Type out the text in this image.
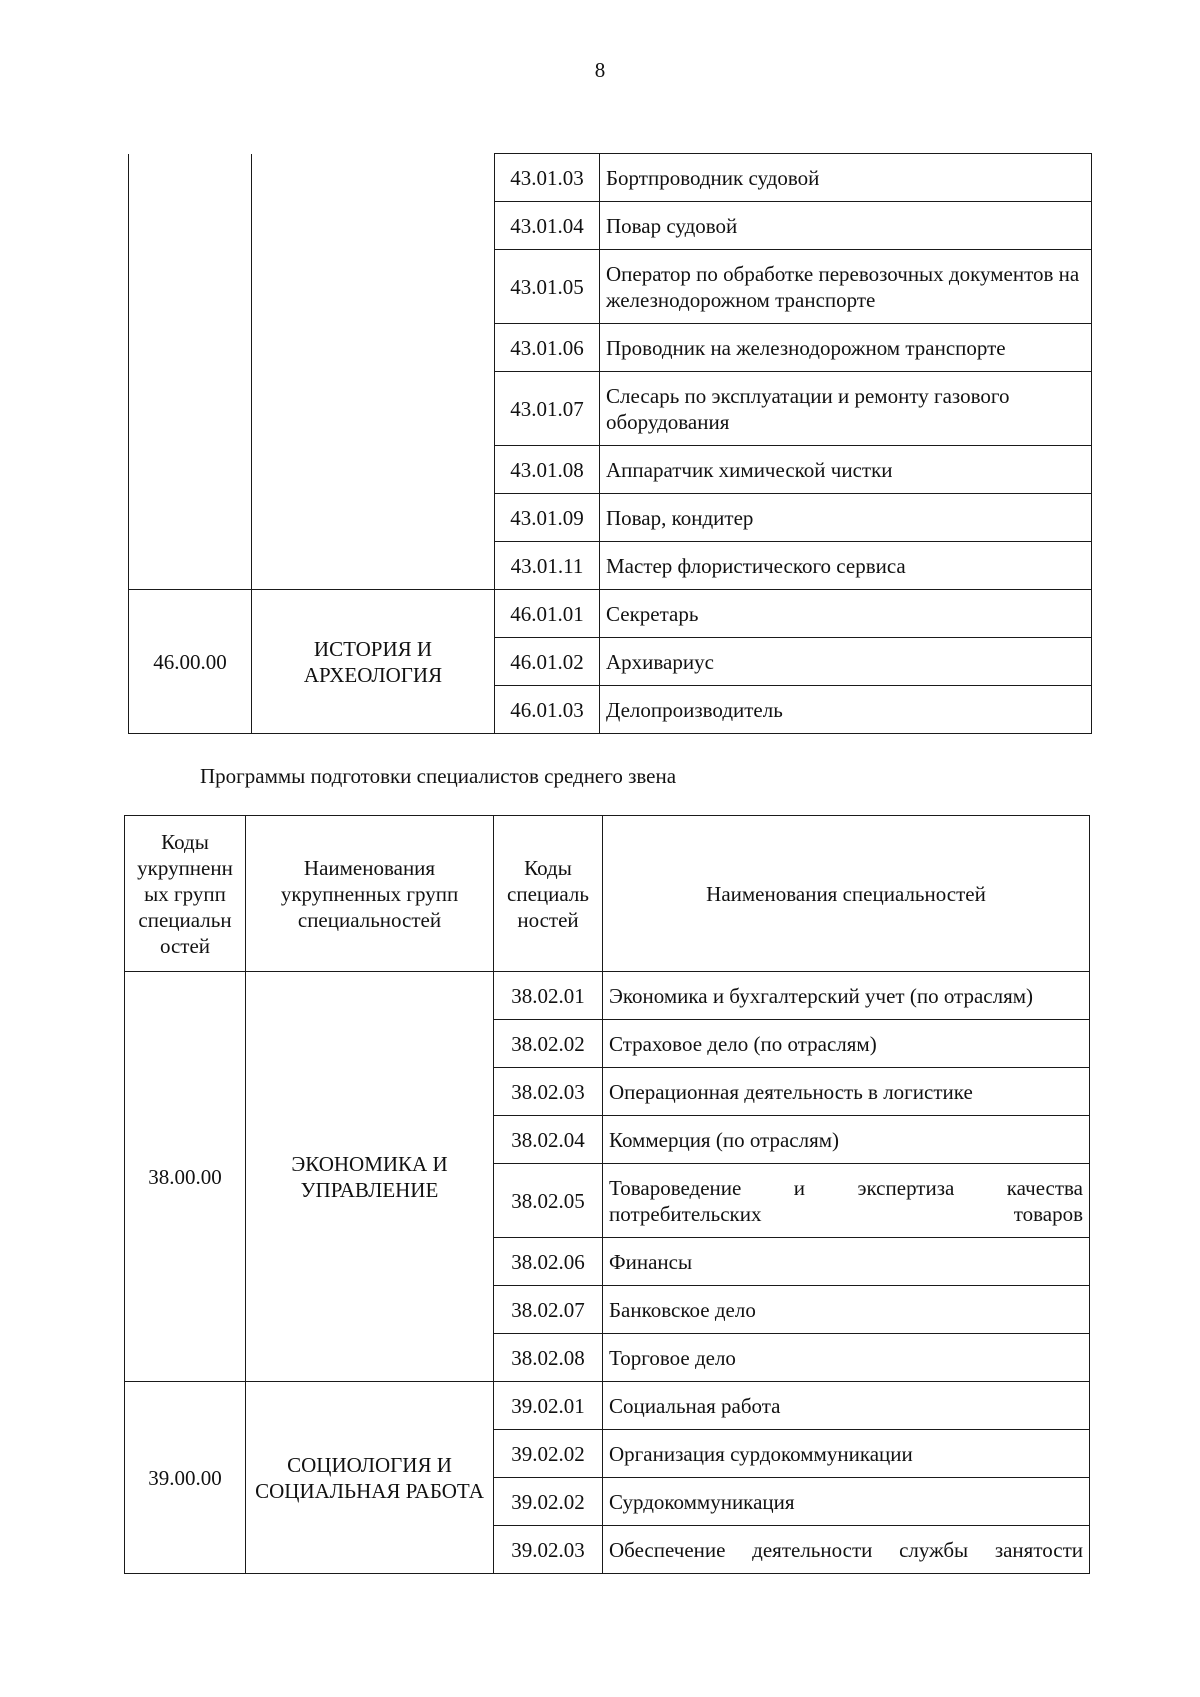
8
		43.01.03	Бортпроводник судовой
		43.01.04	Повар судовой
		43.01.05	Оператор по обработке перевозочных документов на железнодорожном транспорте
		43.01.06	Проводник на железнодорожном транспорте
		43.01.07	Слесарь по эксплуатации и ремонту газового оборудования
		43.01.08	Аппаратчик химической чистки
		43.01.09	Повар, кондитер
		43.01.11	Мастер флористического сервиса
46.00.00	ИСТОРИЯ И АРХЕОЛОГИЯ	46.01.01	Секретарь
		46.01.02	Архивариус
		46.01.03	Делопроизводитель
Программы подготовки специалистов среднего звена
Коды укрупненн ых групп специальн остей	Наименования укрупненных групп специальностей	Коды специаль ностей	Наименования специальностей
38.00.00	ЭКОНОМИКА И УПРАВЛЕНИЕ	38.02.01	Экономика и бухгалтерский учет (по отраслям)
		38.02.02	Страховое дело (по отраслям)
		38.02.03	Операционная деятельность в логистике
		38.02.04	Коммерция (по отраслям)
		38.02.05	Товароведение и экспертиза качества потребительских товаров
		38.02.06	Финансы
		38.02.07	Банковское дело
		38.02.08	Торговое дело
39.00.00	СОЦИОЛОГИЯ И СОЦИАЛЬНАЯ РАБОТА	39.02.01	Социальная работа
		39.02.02	Организация сурдокоммуникации
		39.02.02	Сурдокоммуникация
		39.02.03	Обеспечение деятельности службы занятости
